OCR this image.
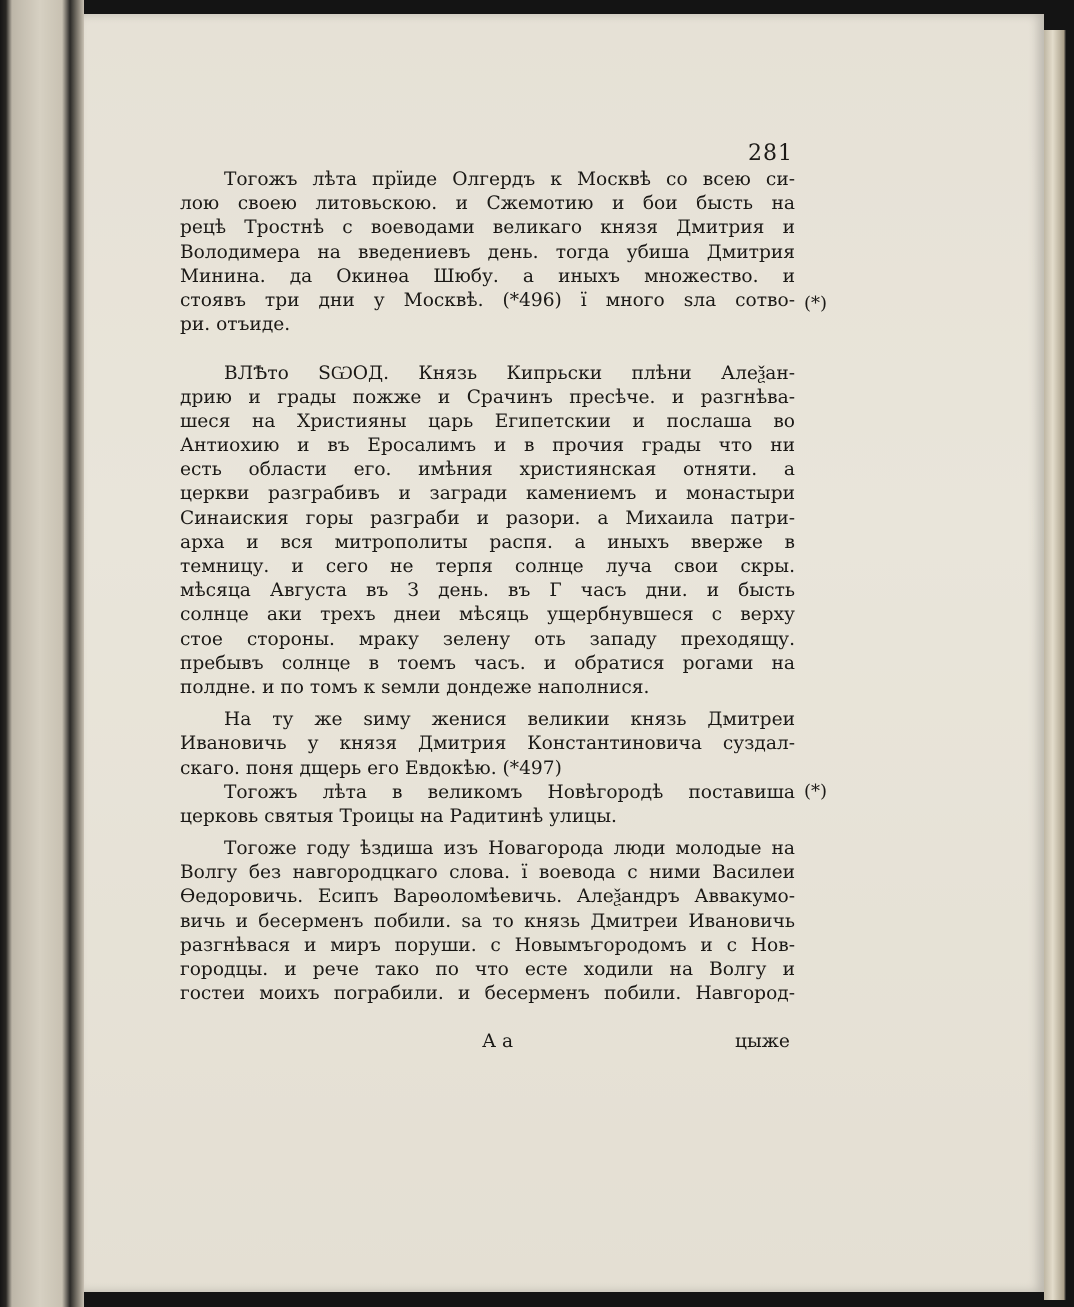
281
Тогожъ лѣта прїиде Олгердъ к Москвѣ со всею си-
лою своею литовьскою. и Сжемотию и бои бысть на
рецѣ Тростнѣ с воеводами великаго князя Дмитрия и
Володимера на введениевъ день. тогда убиша Дмитрия
Минина. да Окинѳа Шюбу. а иныхъ множество. и
стоявъ три дни у Москвѣ. (*496) ї много ѕла сотво-
ри. отъиде.
ВЛѢто ЅѠОД. Князь Кипрьски плѣни Алеѯан-
дрию и грады пожже и Срачинъ пресѣче. и разгнѣва-
шеся на Християны царь Египетскии и послаша во
Антиохию и въ Еросалимъ и в прочия грады что ни
есть области его. имѣния християнская отняти. а
церкви разграбивъ и загради камениемъ и монастыри
Синаиския горы разграби и разори. а Михаила патри-
арха и вся митрополиты распя. а иныхъ вверже в
темницу. и сего не терпя солнце луча свои скры.
мѣсяца Августа въ З день. въ Г часъ дни. и бысть
солнце аки трехъ днеи мѣсяць ущербнувшеся с верху
стое стороны. мраку зелену оть западу преходящу.
пребывъ солнце в тоемъ часъ. и обратися рогами на
полдне. и по томъ к ѕемли дондеже наполнися.
На ту же ѕиму женися великии князь Дмитреи
Ивановичь у князя Дмитрия Константиновича суздал-
скаго. поня дщерь его Евдокѣю. (*497)
Тогожъ лѣта в великомъ Новѣгородѣ поставиша
церковь святыя Троицы на Радитинѣ улицы.
Тогоже году ѣздиша изъ Новагорода люди молодые на
Волгу без навгородцкаго слова. ї воевода с ними Василеи
Ѳедоровичь. Есипъ Варѳоломѣевичь. Алеѯандръ Аввакумо-
вичь и бесерменъ побили. ѕа то князь Дмитреи Ивановичь
разгнѣвася и миръ поруши. с Новымъгородомъ и с Нов-
городцы. и рече тако по что есте ходили на Волгу и
гостеи моихъ пограбили. и бесерменъ побили. Навгород-
(*)
(*)
А а	цыже
